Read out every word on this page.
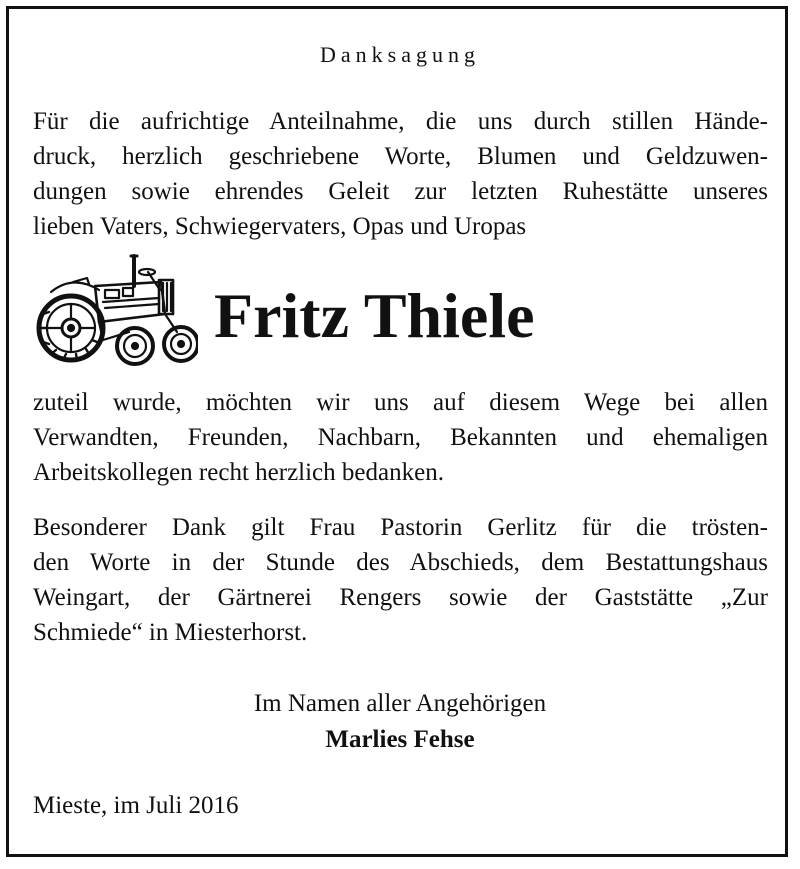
Danksagung
Für die aufrichtige Anteilnahme, die uns durch stillen Hände-
druck, herzlich geschriebene Worte, Blumen und Geldzuwen-
dungen sowie ehrendes Geleit zur letzten Ruhestätte unseres
lieben Vaters, Schwiegervaters, Opas und Uropas
Fritz Thiele
zuteil wurde, möchten wir uns auf diesem Wege bei allen
Verwandten, Freunden, Nachbarn, Bekannten und ehemaligen
Arbeitskollegen recht herzlich bedanken.
Besonderer Dank gilt Frau Pastorin Gerlitz für die trösten-
den Worte in der Stunde des Abschieds, dem Bestattungshaus
Weingart, der Gärtnerei Rengers sowie der Gaststätte „Zur
Schmiede“ in Miesterhorst.
Im Namen aller Angehörigen
Marlies Fehse
Mieste, im Juli 2016
